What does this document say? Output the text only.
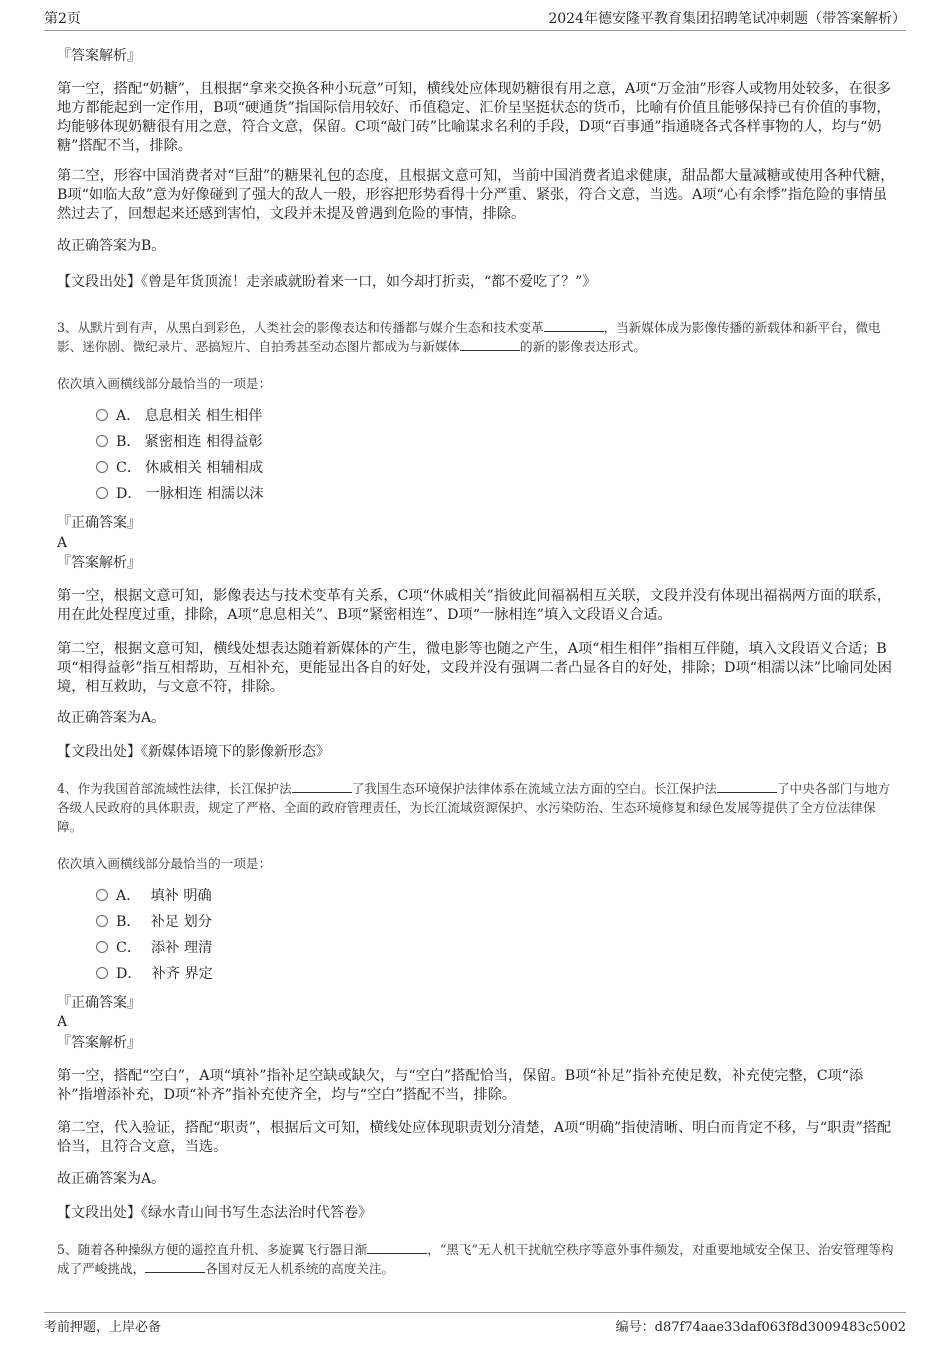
第2页	2024年德安隆平教育集团招聘笔试冲刺题（带答案解析）
『答案解析』
第一空，搭配“奶糖”，且根据“拿来交换各种小玩意”可知，横线处应体现奶糖很有用之意，A项“万金油”形容人或物用处较多，在很多地方都能起到一定作用，B项“硬通货”指国际信用较好、币值稳定、汇价呈坚挺状态的货币，比喻有价值且能够保持已有价值的事物，均能够体现奶糖很有用之意，符合文意，保留。C项“敲门砖”比喻谋求名利的手段，D项“百事通”指通晓各式各样事物的人，均与“奶糖”搭配不当，排除。
第二空，形容中国消费者对“巨甜”的糖果礼包的态度，且根据文意可知，当前中国消费者追求健康，甜品都大量减糖或使用各种代糖，B项“如临大敌”意为好像碰到了强大的敌人一般，形容把形势看得十分严重、紧张，符合文意，当选。A项“心有余悸”指危险的事情虽然过去了，回想起来还感到害怕，文段并未提及曾遇到危险的事情，排除。
故正确答案为B。
【文段出处】《曾是年货顶流！走亲戚就盼着来一口，如今却打折卖，“都不爱吃了？”》
3、从默片到有声，从黑白到彩色，人类社会的影像表达和传播都与媒介生态和技术变革	，当新媒体成为影像传播的新载体和新平台，微电影、迷你剧、微纪录片、恶搞短片、自拍秀甚至动态图片都成为与新媒体	的新的影像表达形式。
依次填入画横线部分最恰当的一项是：
A． 息息相关 相生相伴
B． 紧密相连 相得益彰
C． 休戚相关 相辅相成
D． 一脉相连 相濡以沫
『正确答案』
A
『答案解析』
第一空，根据文意可知，影像表达与技术变革有关系，C项“休戚相关”指彼此间福祸相互关联，文段并没有体现出福祸两方面的联系，用在此处程度过重，排除，A项“息息相关”、B项“紧密相连”、D项“一脉相连”填入文段语义合适。
第二空，根据文意可知，横线处想表达随着新媒体的产生，微电影等也随之产生，A项“相生相伴”指相互伴随，填入文段语义合适；B项“相得益彰”指互相帮助，互相补充，更能显出各自的好处，文段并没有强调二者凸显各自的好处，排除；D项“相濡以沫”比喻同处困境，相互救助，与文意不符，排除。
故正确答案为A。
【文段出处】《新媒体语境下的影像新形态》
4、作为我国首部流域性法律，长江保护法	了我国生态环境保护法律体系在流域立法方面的空白。长江保护法	了中央各部门与地方各级人民政府的具体职责，规定了严格、全面的政府管理责任，为长江流域资源保护、水污染防治、生态环境修复和绿色发展等提供了全方位法律保障。
依次填入画横线部分最恰当的一项是：
A． 填补 明确
B． 补足 划分
C． 添补 理清
D． 补齐 界定
『正确答案』
A
『答案解析』
第一空，搭配“空白”，A项“填补”指补足空缺或缺欠，与“空白”搭配恰当，保留。B项“补足”指补充使足数，补充使完整，C项“添补”指增添补充，D项“补齐”指补充使齐全，均与“空白”搭配不当，排除。
第二空，代入验证，搭配“职责”，根据后文可知，横线处应体现职责划分清楚，A项“明确”指使清晰、明白而肯定不移，与“职责”搭配恰当，且符合文意，当选。
故正确答案为A。
【文段出处】《绿水青山间书写生态法治时代答卷》
5、随着各种操纵方便的遥控直升机、多旋翼飞行器日渐	，“黑飞”无人机干扰航空秩序等意外事件频发，对重要地域安全保卫、治安管理等构成了严峻挑战，	各国对反无人机系统的高度关注。
考前押题，上岸必备	编号：d87f74aae33daf063f8d3009483c5002
